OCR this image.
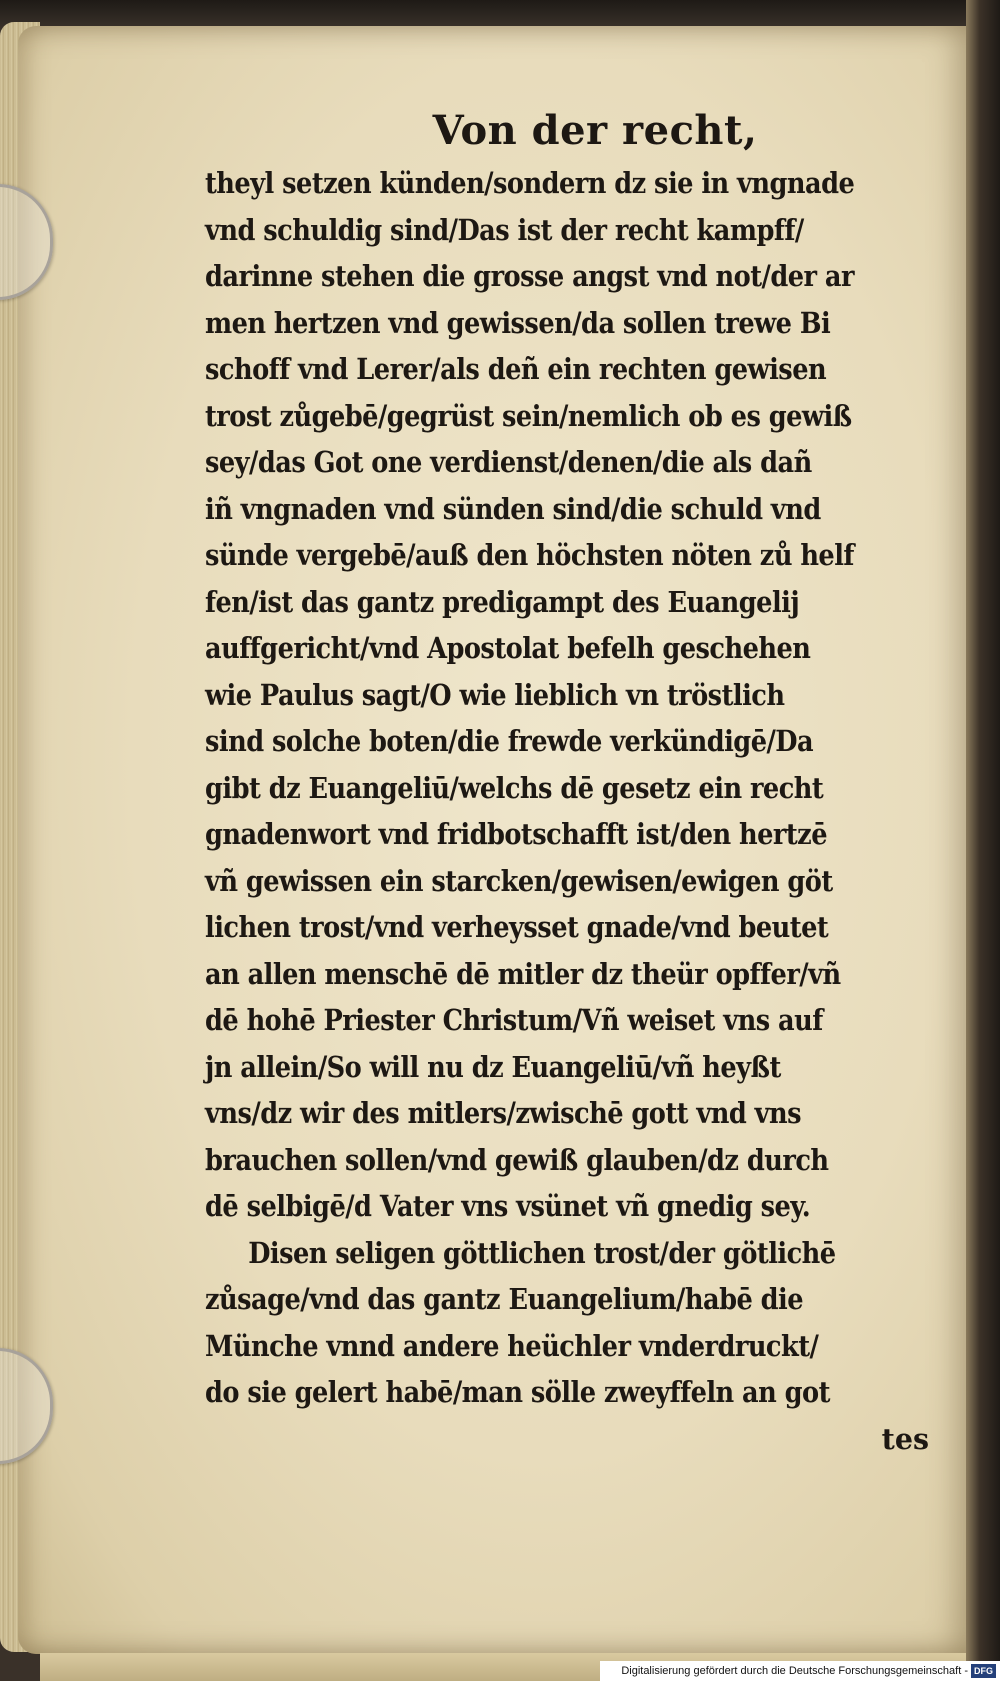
Von der recht,
theyl setzen künden/sondern dz sie in vngnade
vnd schuldig sind/Das ist der recht kampff/
darinne stehen die grosse angst vnd not/der ar
men hertzen vnd gewissen/da sollen trewe Bi
schoff vnd Lerer/als deñ ein rechten gewisen
trost zůgebē/gegrüst sein/nemlich ob es gewiß
sey/das Got one verdienst/denen/die als dañ
iñ vngnaden vnd sünden sind/die schuld vnd
sünde vergebē/auß den höchsten nöten zů helf
fen/ist das gantz predigampt des Euangelij
auffgericht/vnd Apostolat befelh geschehen
wie Paulus sagt/O wie lieblich vn tröstlich
sind solche boten/die frewde verkündigē/Da
gibt dz Euangeliū/welchs dē gesetz ein recht
gnadenwort vnd fridbotschafft ist/den hertzē
vñ gewissen ein starcken/gewisen/ewigen göt
lichen trost/vnd verheysset gnade/vnd beutet
an allen menschē dē mitler dz theür opffer/vñ
dē hohē Priester Christum/Vñ weiset vns auf
jn allein/So will nu dz Euangeliū/vñ heyßt
vns/dz wir des mitlers/zwischē gott vnd vns
brauchen sollen/vnd gewiß glauben/dz durch
dē selbigē/d Vater vns vsünet vñ gnedig sey.
Disen seligen göttlichen trost/der götlichē
zůsage/vnd das gantz Euangelium/habē die
Münche vnnd andere heüchler vnderdruckt/
do sie gelert habē/man sölle zweyffeln an got
tes
Digitalisierung gefördert durch die Deutsche Forschungsgemeinschaft - DFG
